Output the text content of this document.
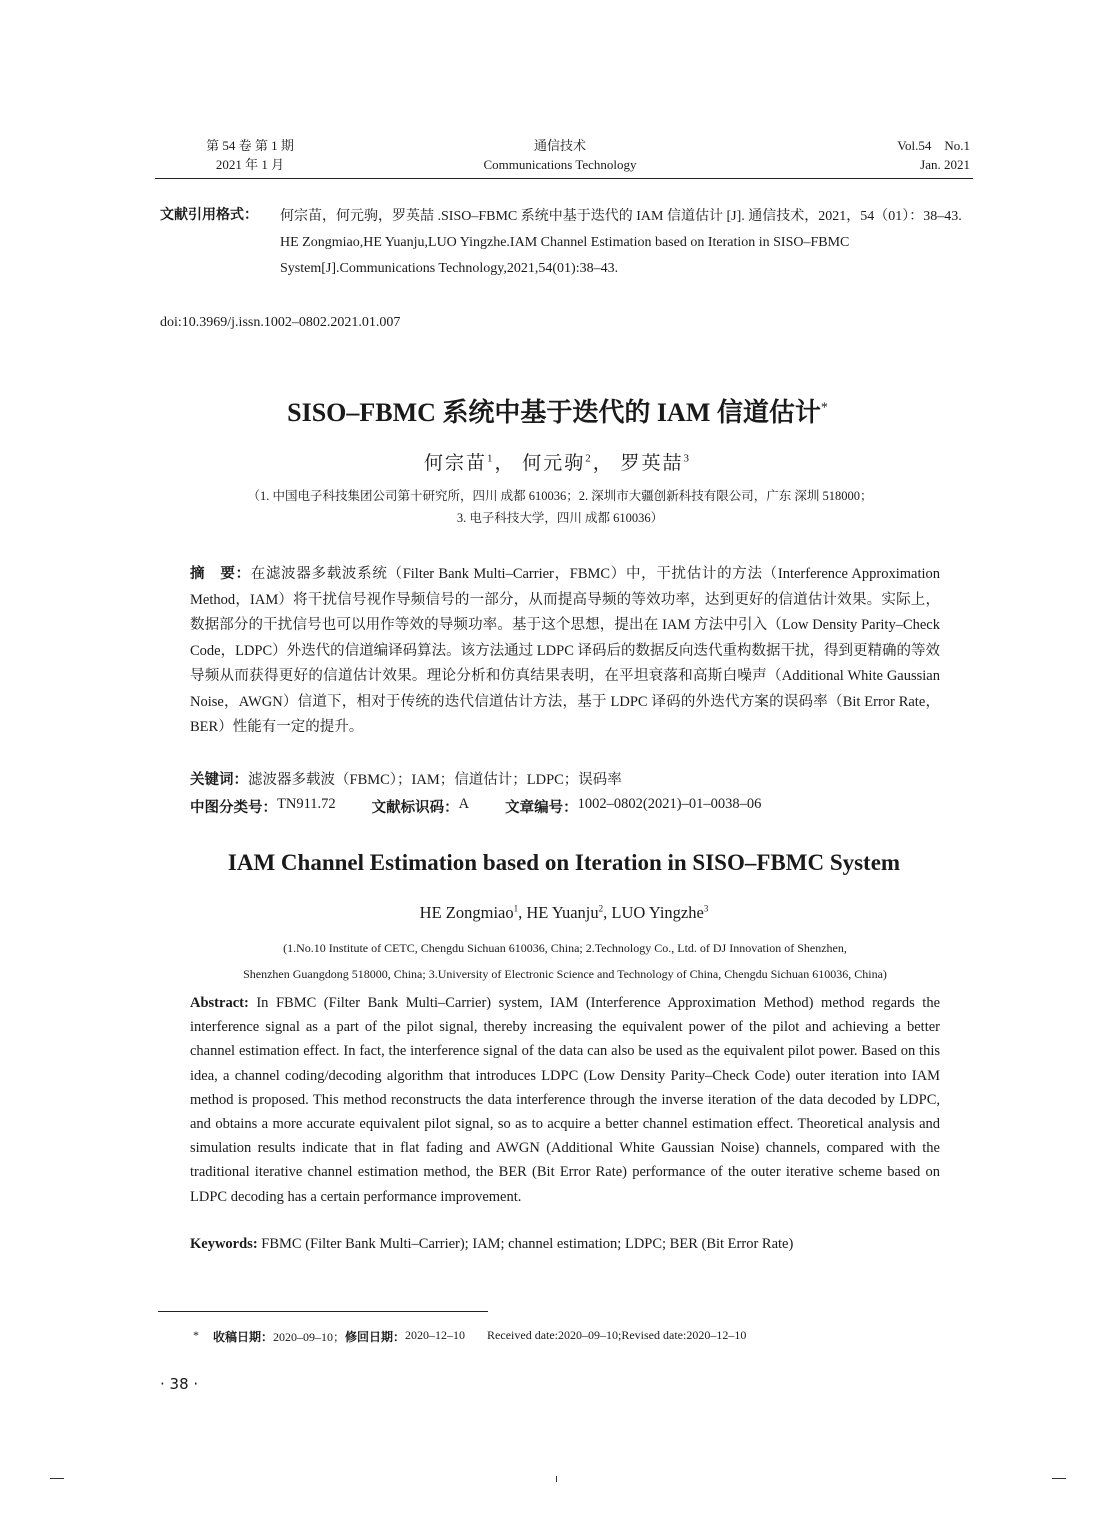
第 54 卷 第 1 期
2021 年 1 月
通信技术
Communications Technology
Vol.54    No.1
Jan. 2021
文献引用格式： 何宗苗，何元驹，罗英喆 .SISO–FBMC 系统中基于迭代的 IAM 信道估计 [J]. 通信技术，2021，54（01）：38–43.
HE Zongmiao,HE Yuanju,LUO Yingzhe.IAM Channel Estimation based on Iteration in SISO–FBMC System[J].Communications Technology,2021,54(01):38–43.
doi:10.3969/j.issn.1002–0802.2021.01.007
SISO–FBMC 系统中基于迭代的 IAM 信道估计*
何宗苗$^1$， 何元驹$^2$， 罗英喆$^3$
（1. 中国电子科技集团公司第十研究所，四川 成都 610036；2. 深圳市大疆创新科技有限公司，广东 深圳 518000；
3. 电子科技大学，四川 成都 610036）
摘　要：在滤波器多载波系统（Filter Bank Multi–Carrier，FBMC）中，干扰估计的方法（Interference Approximation Method，IAM）将干扰信号视作导频信号的一部分，从而提高导频的等效功率，达到更好的信道估计效果。实际上，数据部分的干扰信号也可以用作等效的导频功率。基于这个思想，提出在 IAM 方法中引入（Low Density Parity–Check Code，LDPC）外迭代的信道编译码算法。该方法通过 LDPC 译码后的数据反向迭代重构数据干扰，得到更精确的等效导频从而获得更好的信道估计效果。理论分析和仿真结果表明，在平坦衰落和高斯白噪声（Additional White Gaussian Noise，AWGN）信道下，相对于传统的迭代信道估计方法，基于 LDPC 译码的外迭代方案的误码率（Bit Error Rate，BER）性能有一定的提升。
关键词：滤波器多载波（FBMC）；IAM；信道估计；LDPC；误码率
中图分类号： TN911.72 文献标识码： A 文章编号： 1002–0802(2021)–01–0038–06
IAM Channel Estimation based on Iteration in SISO–FBMC System
HE Zongmiao$^1$, HE Yuanju$^2$, LUO Yingzhe$^3$
(1.No.10 Institute of CETC, Chengdu Sichuan 610036, China; 2.Technology Co., Ltd. of DJ Innovation of Shenzhen,
Shenzhen Guangdong 518000, China; 3.University of Electronic Science and Technology of China, Chengdu Sichuan 610036, China)
Abstract: In FBMC (Filter Bank Multi–Carrier) system, IAM (Interference Approximation Method) method regards the interference signal as a part of the pilot signal, thereby increasing the equivalent power of the pilot and achieving a better channel estimation effect. In fact, the interference signal of the data can also be used as the equivalent pilot power. Based on this idea, a channel coding/decoding algorithm that introduces LDPC (Low Density Parity–Check Code) outer iteration into IAM method is proposed. This method reconstructs the data interference through the inverse iteration of the data decoded by LDPC, and obtains a more accurate equivalent pilot signal, so as to acquire a better channel estimation effect. Theoretical analysis and simulation results indicate that in flat fading and AWGN (Additional White Gaussian Noise) channels, compared with the traditional iterative channel estimation method, the BER (Bit Error Rate) performance of the outer iterative scheme based on LDPC decoding has a certain performance improvement.
Keywords: FBMC (Filter Bank Multi–Carrier); IAM; channel estimation; LDPC; BER (Bit Error Rate)
* 收稿日期： 2020–09–10； 修回日期： 2020–12–10 Received date:2020–09–10;Revised date:2020–12–10
· 38 ·
